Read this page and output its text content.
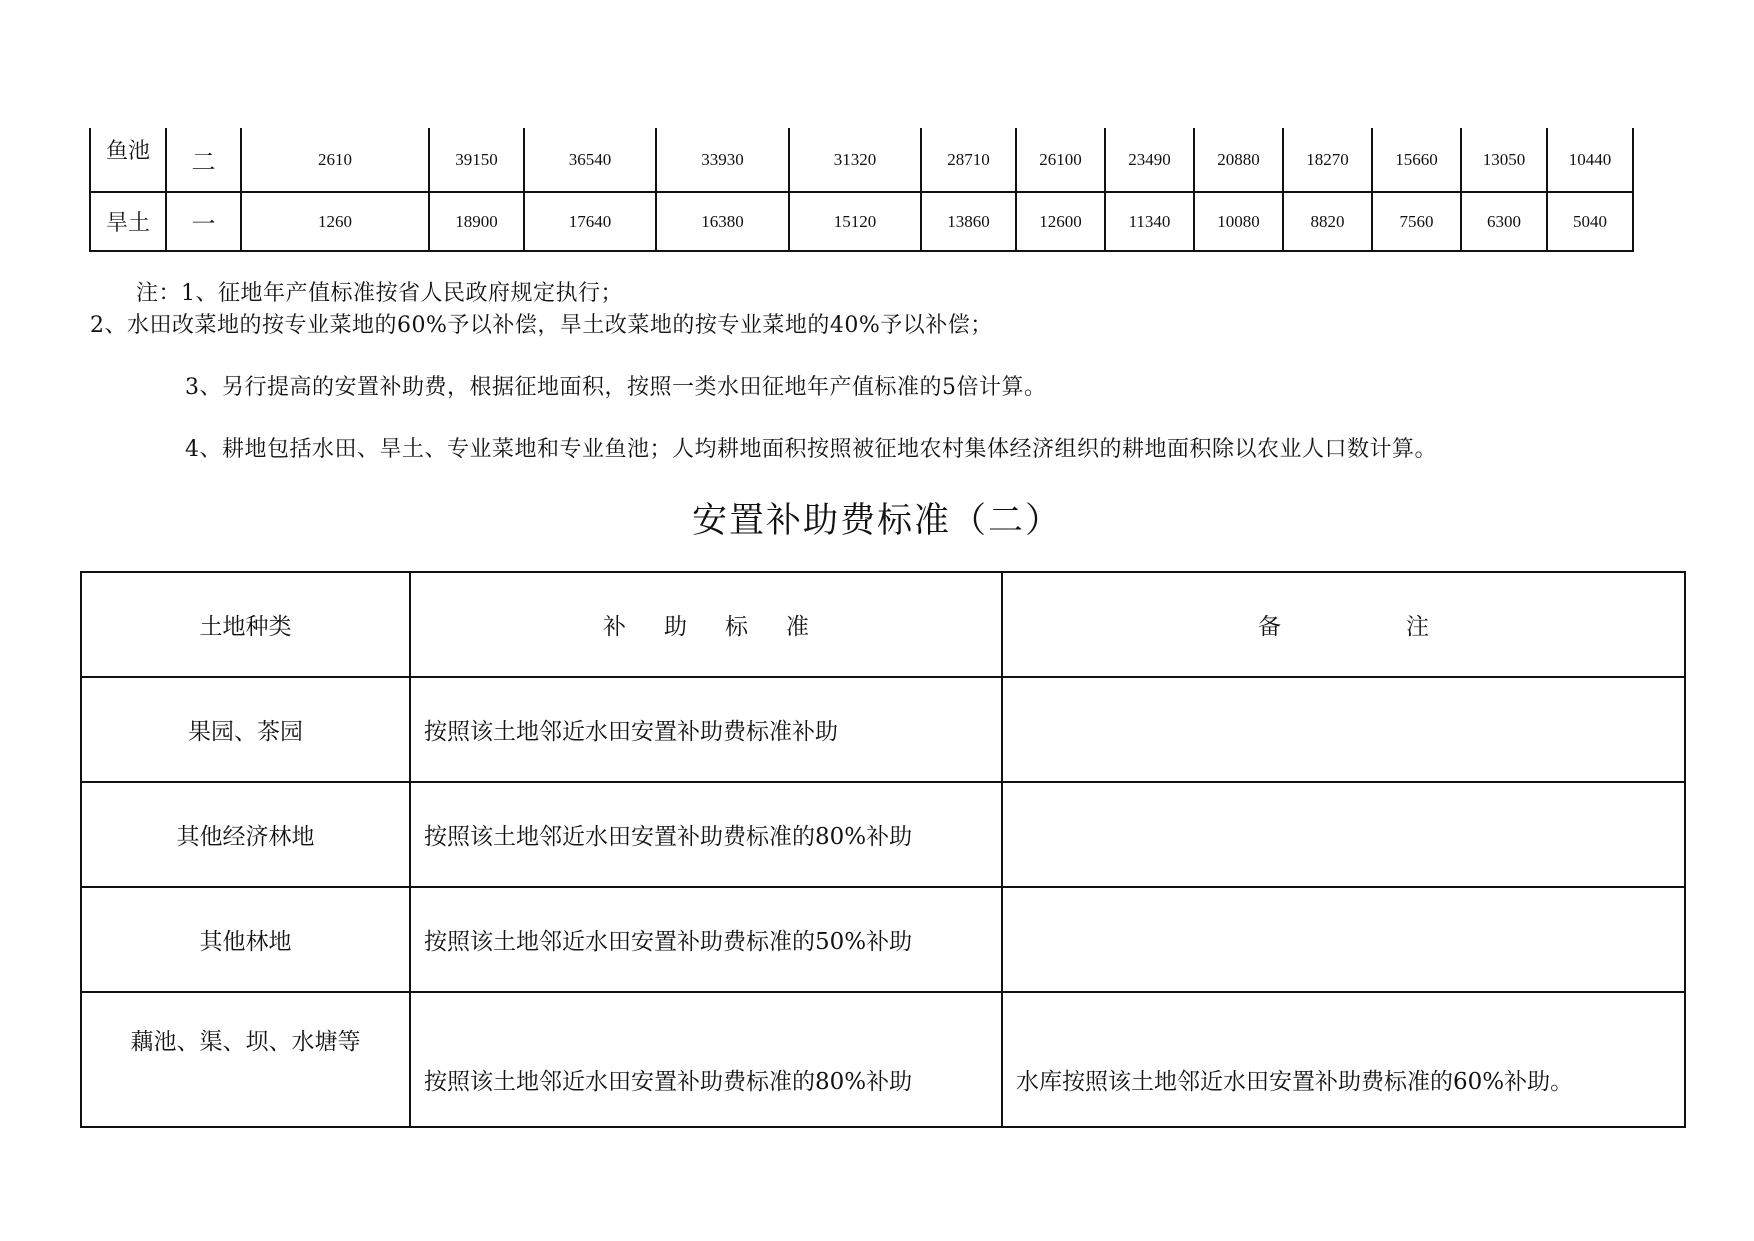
鱼池	二	2610	39150	36540	33930	31320	28710	26100	23490	20880	18270	15660	13050	10440
旱土	一	1260	18900	17640	16380	15120	13860	12600	11340	10080	8820	7560	6300	5040
注：1、征地年产值标准按省人民政府规定执行；
2、水田改菜地的按专业菜地的60%予以补偿，旱土改菜地的按专业菜地的40%予以补偿；
3、另行提高的安置补助费，根据征地面积，按照一类水田征地年产值标准的5倍计算。
4、耕地包括水田、旱土、专业菜地和专业鱼池；人均耕地面积按照被征地农村集体经济组织的耕地面积除以农业人口数计算。
安置补助费标准（二）
土地种类	补 助 标 准	备 注
果园、茶园	按照该土地邻近水田安置补助费标准补助	
其他经济林地	按照该土地邻近水田安置补助费标准的80%补助	
其他林地	按照该土地邻近水田安置补助费标准的50%补助	
藕池、渠、坝、水塘等	按照该土地邻近水田安置补助费标准的80%补助	水库按照该土地邻近水田安置补助费标准的60%补助。
